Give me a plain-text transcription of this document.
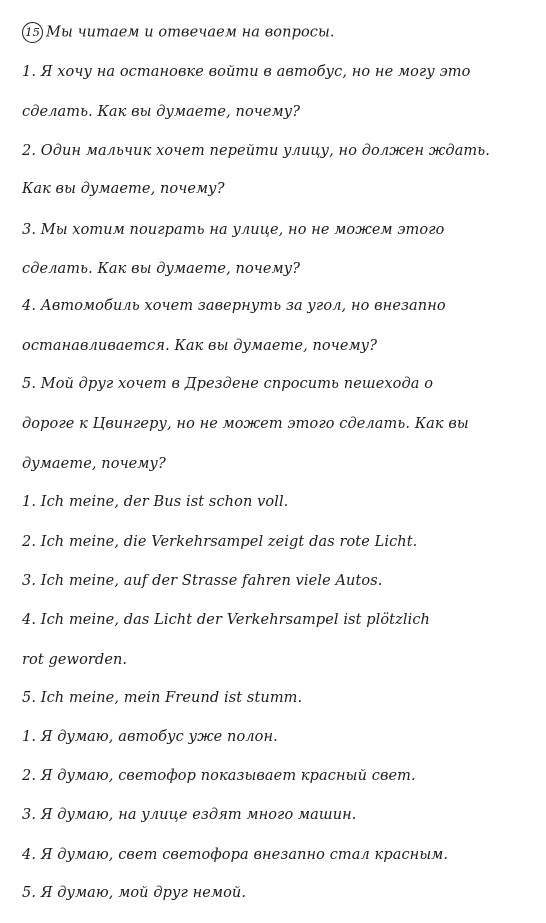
15 Мы читаем и отвечаем на вопросы.
1. Я хочу на остановке войти в автобус, но не могу это
сделать. Как вы думаете, почему?
2. Один мальчик хочет перейти улицу, но должен ждать.
Как вы думаете, почему?
3. Мы хотим поиграть на улице, но не можем этого
сделать. Как вы думаете, почему?
4. Автомобиль хочет завернуть за угол, но внезапно
останавливается. Как вы думаете, почему?
5. Мой друг хочет в Дрездене спросить пешехода о
дороге к Цвингеру, но не может этого сделать. Как вы
думаете, почему?
1. Ich meine, der Bus ist schon voll.
2. Ich meine, die Verkehrsampel zeigt das rote Licht.
3. Ich meine, auf der Strasse fahren viele Autos.
4. Ich meine, das Licht der Verkehrsampel ist plötzlich
rot geworden.
5. Ich meine, mein Freund ist stumm.
1. Я думаю, автобус уже полон.
2. Я думаю, светофор показывает красный свет.
3. Я думаю, на улице ездят много машин.
4. Я думаю, свет светофора внезапно стал красным.
5. Я думаю, мой друг немой.
